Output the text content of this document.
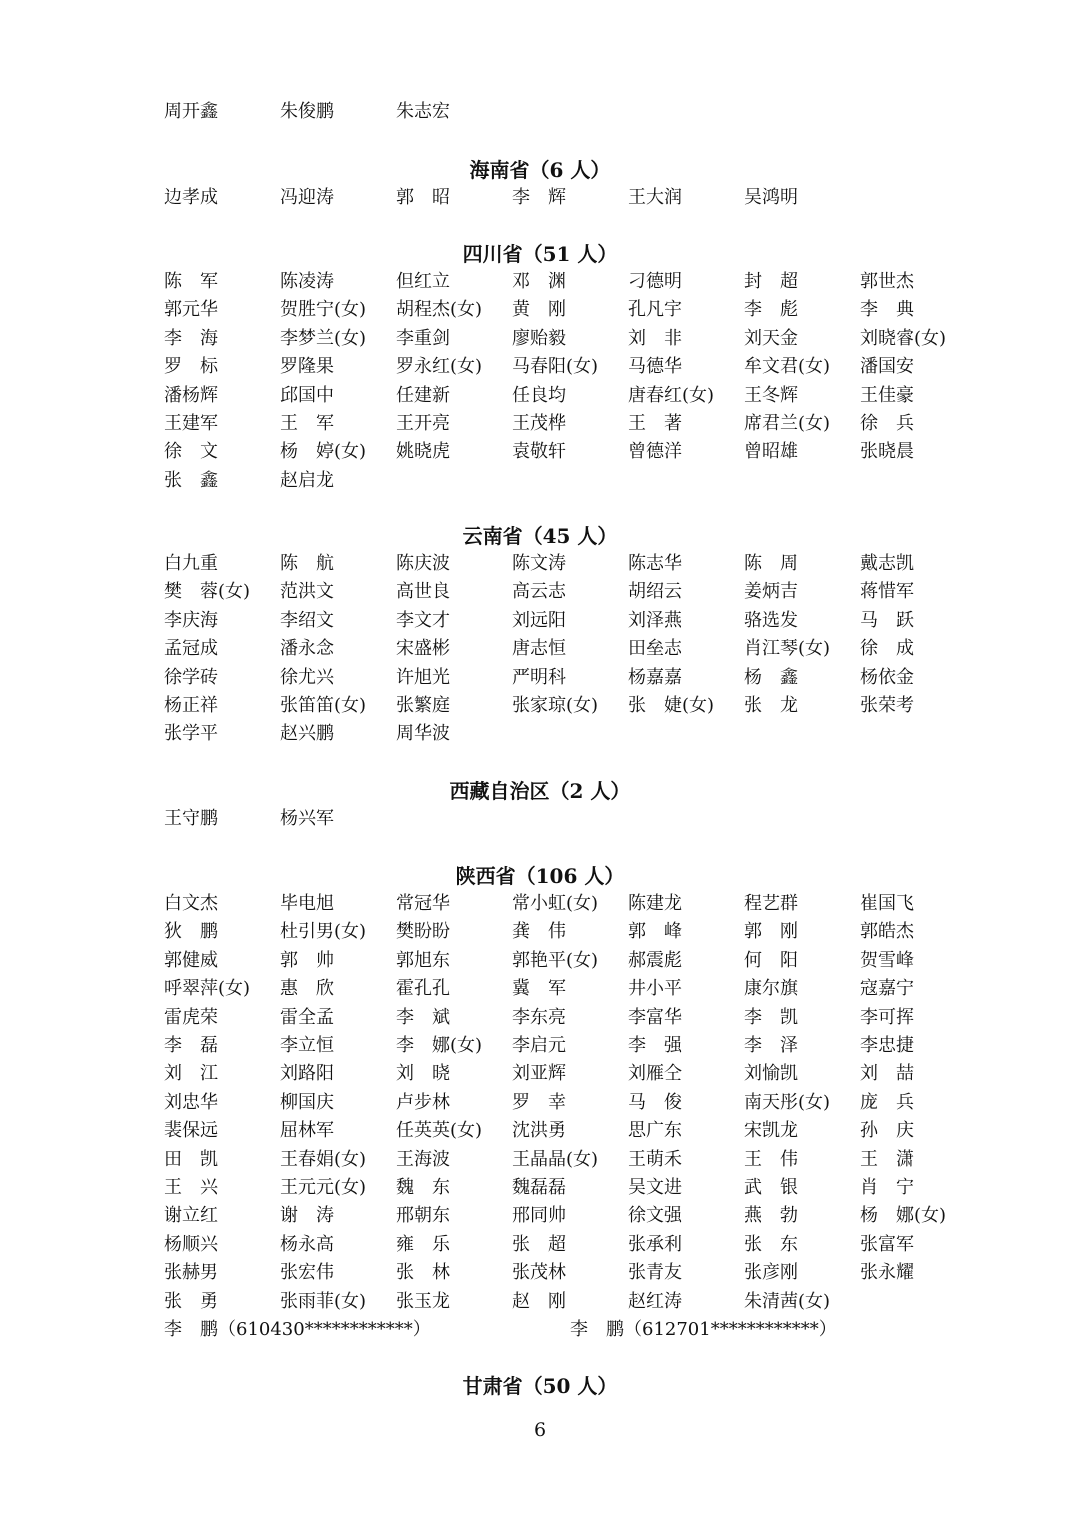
周开鑫	朱俊鹏	朱志宏
海南省（6 人）
边孝成	冯迎涛	郭　昭	李　辉	王大润	吴鸿明
四川省（51 人）
陈　军	陈凌涛	但红立	邓　渊	刁德明	封　超	郭世杰
郭元华	贺胜宁(女) 胡程杰(女) 黄　刚	孔凡宇	李　彪	李　典
李　海	李梦兰(女) 李重剑	廖贻毅	刘　非	刘天金	刘晓睿(女)
罗　标	罗隆果	罗永红(女) 马春阳(女) 马德华	牟文君(女) 潘国安
潘杨辉	邱国中	任建新	任良均	唐春红(女) 王冬辉	王佳豪
王建军	王　军	王开亮	王茂桦	王　著	席君兰(女) 徐　兵
徐　文	杨　婷(女) 姚晓虎	袁敬轩	曾德洋	曾昭雄	张晓晨
张　鑫	赵启龙
云南省（45 人）
白九重	陈　航	陈庆波	陈文涛	陈志华	陈　周	戴志凯
樊　蓉(女) 范洪文	高世良	高云志	胡绍云	姜炳吉	蒋惜军
李庆海	李绍文	李文才	刘远阳	刘泽燕	骆选发	马　跃
孟冠成	潘永念	宋盛彬	唐志恒	田垒志	肖江琴(女) 徐　成
徐学砖	徐尤兴	许旭光	严明科	杨嘉嘉	杨　鑫	杨依金
杨正祥	张笛笛(女) 张繁庭	张家琼(女) 张　婕(女) 张　龙	张荣考
张学平	赵兴鹏	周华波
西藏自治区（2 人）
王守鹏	杨兴军
陕西省（106 人）
白文杰	毕电旭	常冠华	常小虹(女) 陈建龙	程艺群	崔国飞
狄　鹏	杜引男(女) 樊盼盼	龚　伟	郭　峰	郭　刚	郭皓杰
郭健威	郭　帅	郭旭东	郭艳平(女) 郝震彪	何　阳	贺雪峰
呼翠萍(女) 惠　欣	霍孔孔	冀　军	井小平	康尔旗	寇嘉宁
雷虎荣	雷全孟	李　斌	李东亮	李富华	李　凯	李可挥
李　磊	李立恒	李　娜(女) 李启元	李　强	李　泽	李忠捷
刘　江	刘路阳	刘　晓	刘亚辉	刘雁仝	刘愉凯	刘　喆
刘忠华	柳国庆	卢步林	罗　幸	马　俊	南天彤(女) 庞　兵
裴保远	屈林军	任英英(女) 沈洪勇	思广东	宋凯龙	孙　庆
田　凯	王春娟(女) 王海波	王晶晶(女) 王萌禾	王　伟	王　潇
王　兴	王元元(女) 魏　东	魏磊磊	吴文进	武　银	肖　宁
谢立红	谢　涛	邢朝东	邢同帅	徐文强	燕　勃	杨　娜(女)
杨顺兴	杨永高	雍　乐	张　超	张承利	张　东	张富军
张赫男	张宏伟	张　林	张茂林	张青友	张彦刚	张永耀
张　勇	张雨菲(女) 张玉龙	赵　刚	赵红涛	朱清茜(女)
李　鹏（610430************）	李　鹏（612701************）
甘肃省（50 人）
6
